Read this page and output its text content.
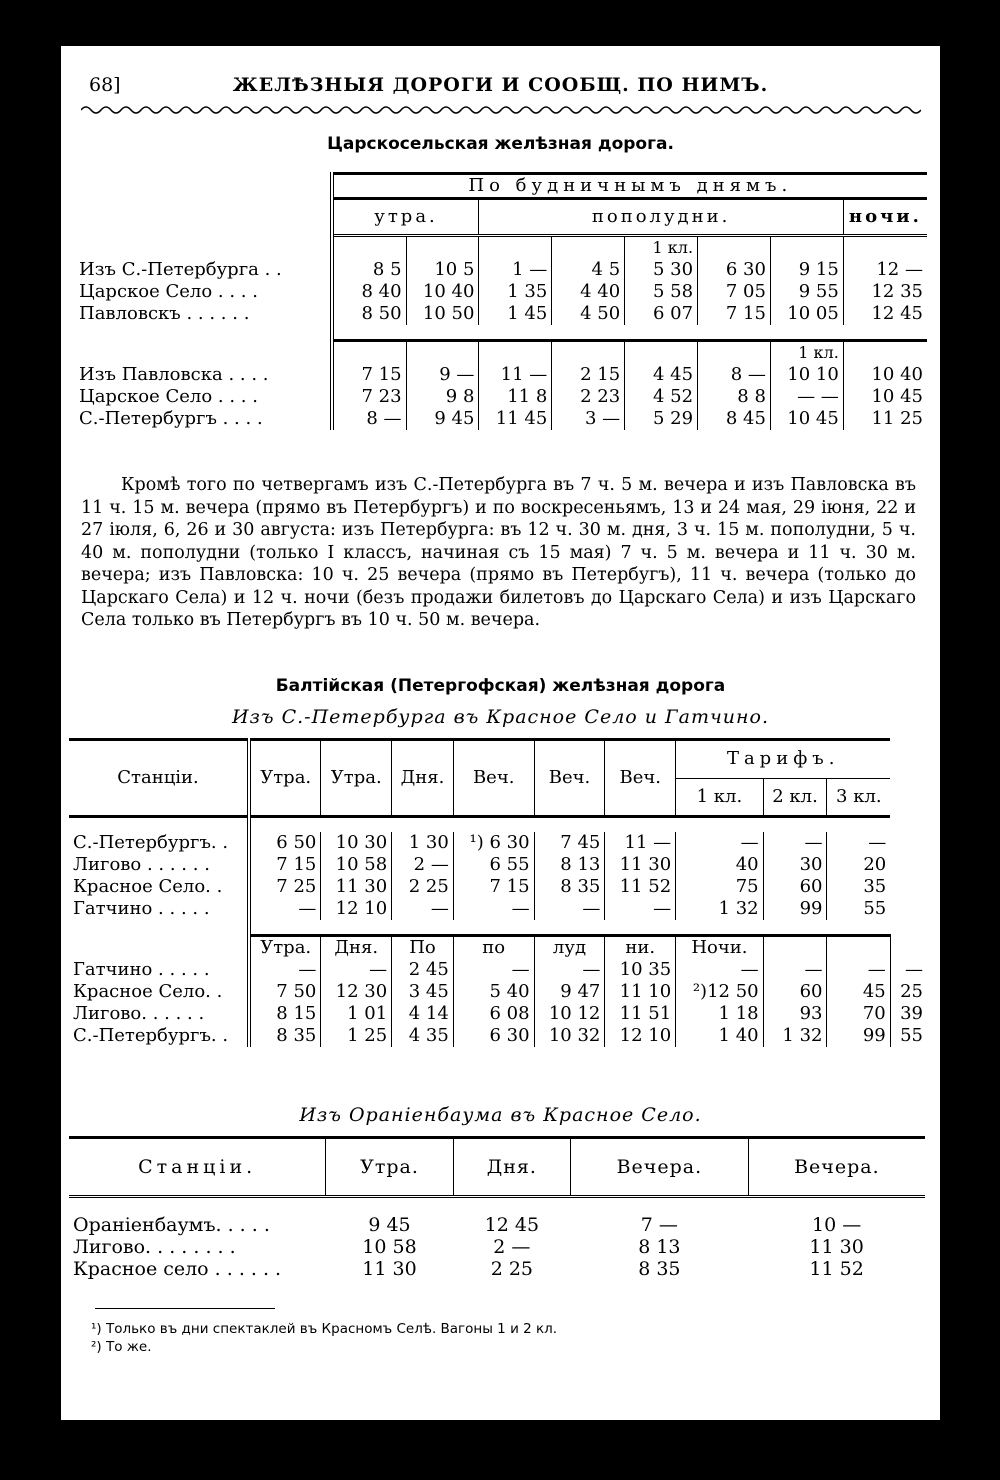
68]	ЖЕЛѢЗНЫЯ ДОРОГИ И СООБЩ. ПО НИМЪ.
Царскосельская желѣзная дорога.
	По будничнымъ днямъ.							
	утра.		пополудни.					ночи.
					1 кл.			
Изъ С.-Петербурга . .	8 5	10 5	1 —	4 5	5 30	6 30	9 15	12 —
Царское Село . . . .	8 40	10 40	1 35	4 40	5 58	7 05	9 55	12 35
Павловскъ . . . . . .	8 50	10 50	1 45	4 50	6 07	7 15	10 05	12 45

							1 кл.	
Изъ Павловска . . . .	7 15	9 —	11 —	2 15	4 45	8 —	10 10	10 40
Царское Село . . . .	7 23	9 8	11 8	2 23	4 52	8 8	— —	10 45
С.-Петербургъ . . . .	8 —	9 45	11 45	3 —	5 29	8 45	10 45	11 25
Кромѣ того по четвергамъ изъ С.-Петербурга въ 7 ч. 5 м. вечера и изъ Павловска въ 11 ч. 15 м. вечера (прямо въ Петербургъ) и по воскресеньямъ, 13 и 24 мая, 29 iюня, 22 и 27 iюля, 6, 26 и 30 августа: изъ Петербурга: въ 12 ч. 30 м. дня, 3 ч. 15 м. пополудни, 5 ч. 40 м. пополудни (только I классъ, начиная съ 15 мая) 7 ч. 5 м. вечера и 11 ч. 30 м. вечера; изъ Павловска: 10 ч. 25 вечера (прямо въ Петербугъ), 11 ч. вечера (только до Царскаго Села) и 12 ч. ночи (безъ продажи билетовъ до Царскаго Села) и изъ Царскаго Села только въ Петербургъ въ 10 ч. 50 м. вечера.
Балтiйская (Петергофская) желѣзная дорога
Изъ С.-Петербурга въ Красное Село и Гатчино.
Станцiи.	Утра.	Утра.	Дня.	Веч.	Веч.	Веч.	Тарифъ.			
							1 кл.	2 кл.	3 кл.	

С.-Петербургъ. .	6 50	10 30	1 30	¹) 6 30	7 45	11 —	—	—	—	
Лигово . . . . . .	7 15	10 58	2 —	6 55	8 13	11 30	40	30	20	
Красное Село. .	7 25	11 30	2 25	7 15	8 35	11 52	75	60	35	
Гатчино . . . . .	—	12 10	—	—	—	—	1 32	99	55	

	Утра.	Дня.	По	по	луд	ни.	Ночи.			
Гатчино . . . . .	—	—	2 45	—	—	10 35	—	—	—	—
Красное Село. .	7 50	12 30	3 45	5 40	9 47	11 10	²)12 50	60	45	25
Лигово. . . . . .	8 15	1 01	4 14	6 08	10 12	11 51	1 18	93	70	39
С.-Петербургъ. .	8 35	1 25	4 35	6 30	10 32	12 10	1 40	1 32	99	55
Изъ Ораніенбаума въ Красное Село.
Станцiи.	Утра.	Дня.	Вечера.	Вечера.

Ораніенбаумъ. . . . .	9 45	12 45	7 —	10 —
Лигово. . . . . . . .	10 58	2 —	8 13	11 30
Красное село . . . . . .	11 30	2 25	8 35	11 52
¹) Только въ дни спектаклей въ Красномъ Селѣ. Вагоны 1 и 2 кл.
²) То же.
